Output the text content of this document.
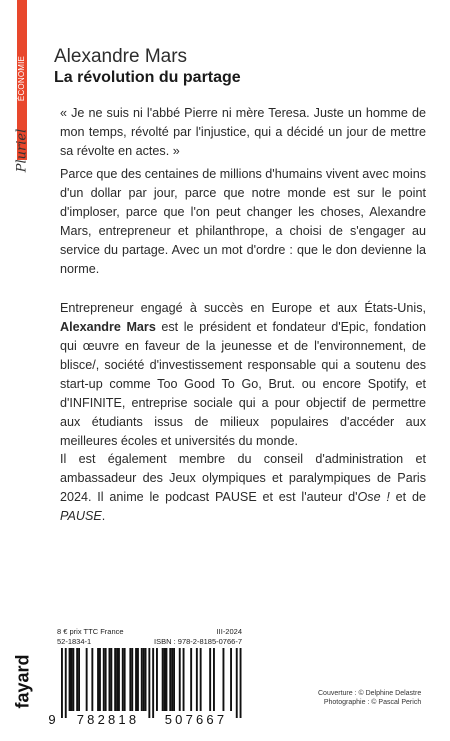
ÉCONOMIE
Pluriel
Alexandre Mars
La révolution du partage
« Je ne suis ni l'abbé Pierre ni mère Teresa. Juste un homme de mon temps, révolté par l'injustice, qui a décidé un jour de mettre sa révolte en actes. »
Parce que des centaines de millions d'humains vivent avec moins d'un dollar par jour, parce que notre monde est sur le point d'imploser, parce que l'on peut changer les choses, Alexandre Mars, entrepreneur et philanthrope, a choisi de s'engager au service du partage. Avec un mot d'ordre : que le don devienne la norme.
Entrepreneur engagé à succès en Europe et aux États-Unis, Alexandre Mars est le président et fondateur d'Epic, fondation qui œuvre en faveur de la jeunesse et de l'environnement, de blisce/, société d'investissement responsable qui a soutenu des start-up comme Too Good To Go, Brut. ou encore Spotify, et d'INFINITE, entreprise sociale qui a pour objectif de permettre aux étudiants issus de milieux populaires d'accéder aux meilleures écoles et universités du monde.
Il est également membre du conseil d'administration et ambassadeur des Jeux olympiques et paralympiques de Paris 2024. Il anime le podcast PAUSE et est l'auteur d'Ose ! et de PAUSE.
8 € prix TTC France	III-2024
52-1834-1	ISBN : 978-2-8185-0766-7
fayard
9 782818 507667
Couverture : © Delphine Delastre
Photographie : © Pascal Perich
